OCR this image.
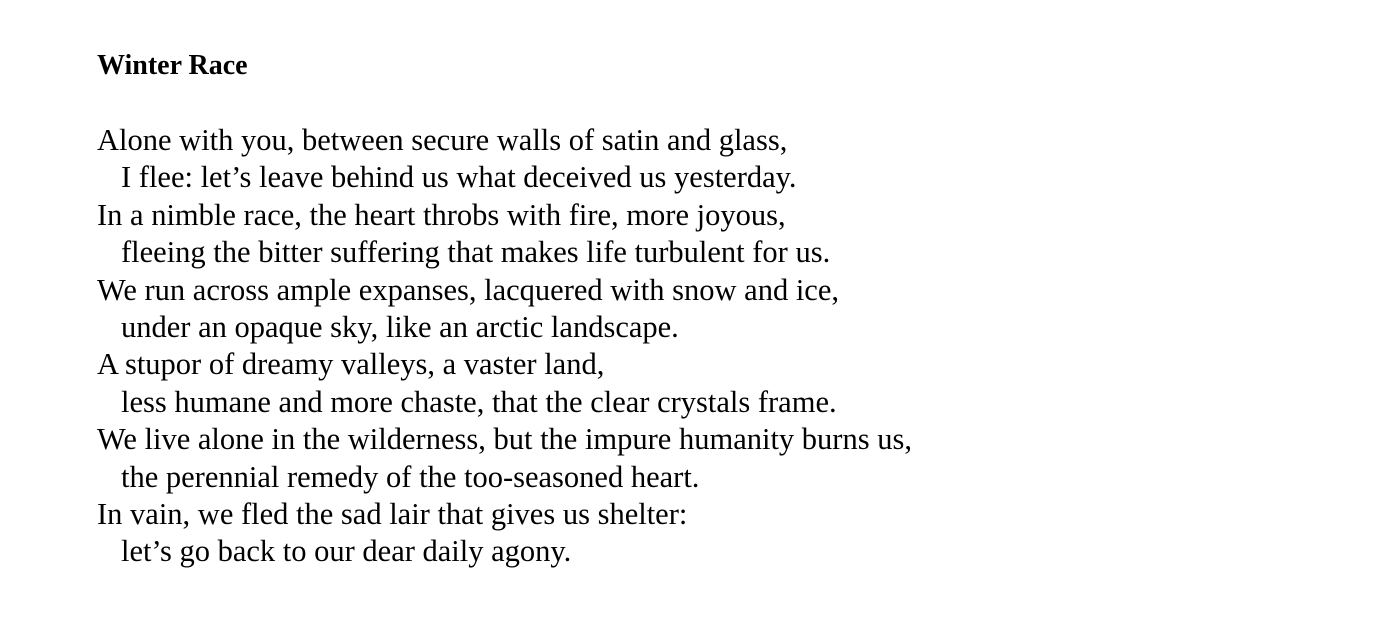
Winter Race

Alone with you, between secure walls of satin and glass,

I flee: let’s leave behind us what deceived us yesterday.

In a nimble race, the heart throbs with fire, more joyous,

fleeing the bitter suffering that makes life turbulent for us.

We run across ample expanses, lacquered with snow and ice,

under an opaque sky, like an arctic landscape.

A stupor of dreamy valleys, a vaster land,

less humane and more chaste, that the clear crystals frame.

We live alone in the wilderness, but the impure humanity burns us,

the perennial remedy of the too-seasoned heart.

In vain, we fled the sad lair that gives us shelter:

let’s go back to our dear daily agony.
